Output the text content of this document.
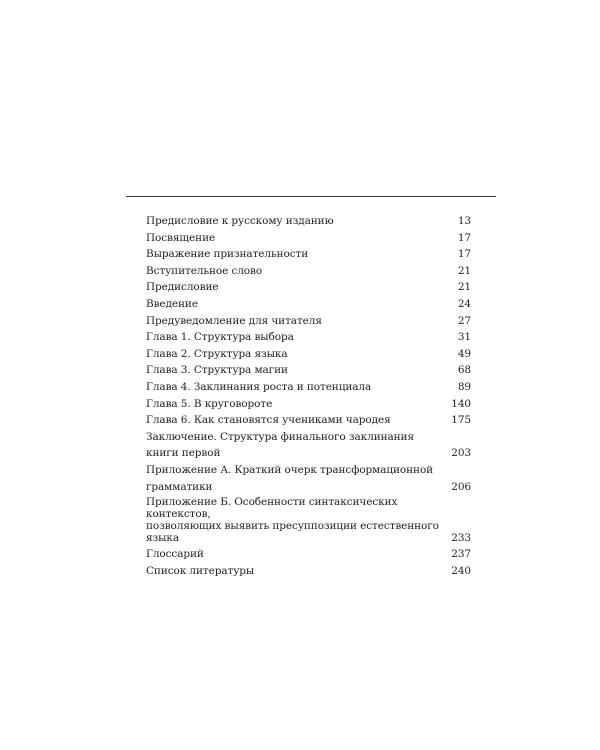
Предисловие к русскому изданию	13
Посвящение	17
Выражение признательности	17
Вступительное слово	21
Предисловие	21
Введение	24
Предуведомление для читателя	27
Глава 1. Структура выбора	31
Глава 2. Структура языка	49
Глава 3. Структура магии	68
Глава 4. Заклинания роста и потенциала	89
Глава 5. В круговороте	140
Глава 6. Как становятся учениками чародея	175
Заключение. Структура финального заклинания книги первой	203
Приложение А. Краткий очерк трансформационной грамматики	206
Приложение Б. Особенности синтаксических контекстов,
позволяющих выявить пресуппозиции естественного языка	233
Глоссарий	237
Список литературы	240
